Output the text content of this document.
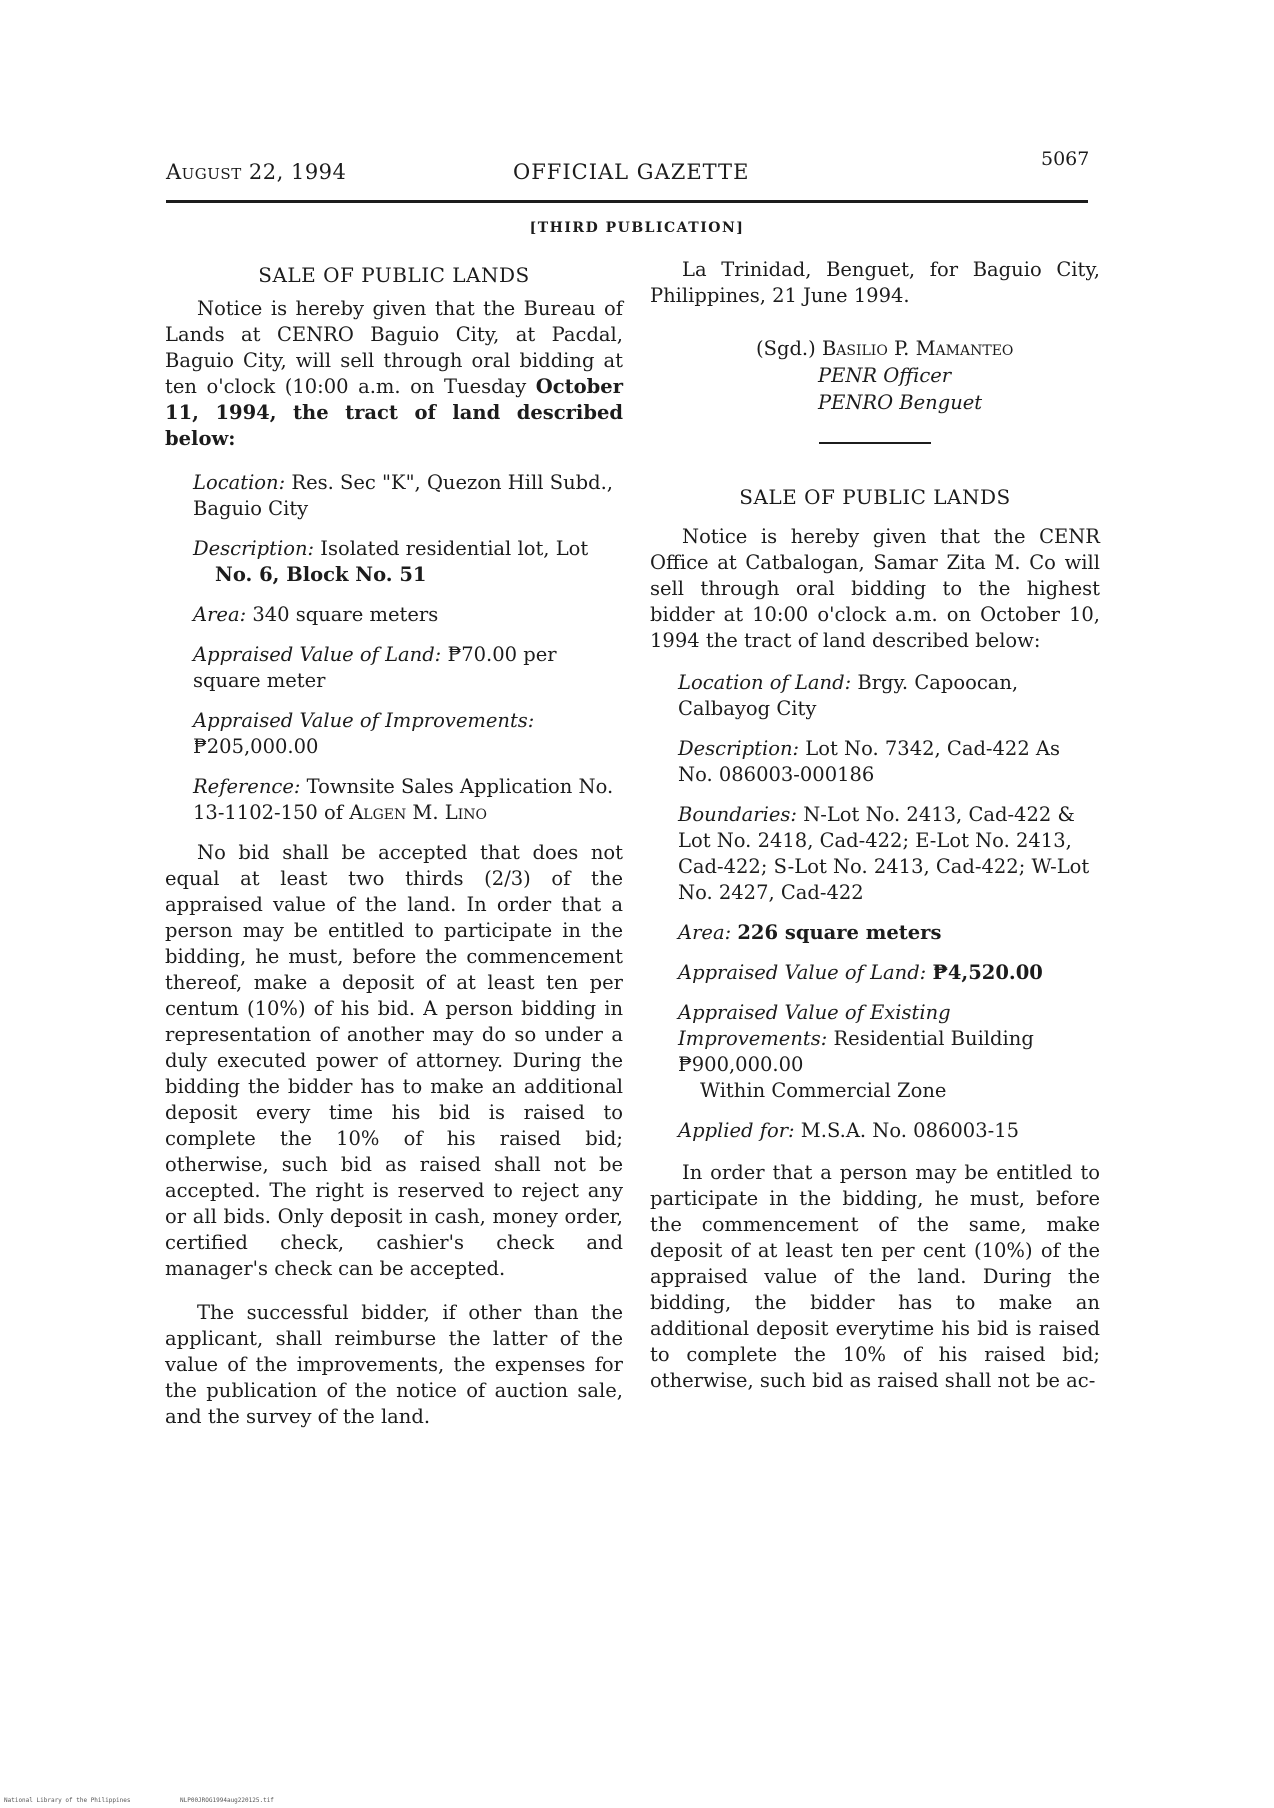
August 22, 1994	OFFICIAL GAZETTE
5067
[THIRD PUBLICATION]
SALE OF PUBLIC LANDS

Notice is hereby given that the Bureau of Lands at CENRO Baguio City, at Pacdal, Baguio City, will sell through oral bidding at ten o'clock (10:00 a.m. on Tuesday October 11, 1994, the tract of land described below:

Location: Res. Sec "K", Quezon Hill Subd., Baguio City
Description: Isolated residential lot, Lot
No. 6, Block No. 51
Area: 340 square meters
Appraised Value of Land: ₱70.00 per square meter
Appraised Value of Improvements:
₱205,000.00
Reference: Townsite Sales Application No. 13-1102-150 of Algen M. Lino

No bid shall be accepted that does not equal at least two thirds (2/3) of the appraised value of the land. In order that a person may be entitled to participate in the bidding, he must, before the commencement thereof, make a deposit of at least ten per centum (10%) of his bid. A person bidding in representation of another may do so under a duly executed power of attorney. During the bidding the bidder has to make an additional deposit every time his bid is raised to complete the 10% of his raised bid; otherwise, such bid as raised shall not be accepted. The right is reserved to reject any or all bids. Only deposit in cash, money order, certified check, cashier's check and manager's check can be accepted.

The successful bidder, if other than the applicant, shall reimburse the latter of the value of the improvements, the expenses for the publication of the notice of auction sale, and the survey of the land.

La Trinidad, Benguet, for Baguio City, Philippines, 21 June 1994.

(Sgd.) Basilio P. Mamanteo
PENR Officer
PENRO Benguet
SALE OF PUBLIC LANDS

Notice is hereby given that the CENR Office at Catbalogan, Samar Zita M. Co will sell through oral bidding to the highest bidder at 10:00 o'clock a.m. on October 10, 1994 the tract of land described below:

Location of Land: Brgy. Capoocan, Calbayog City
Description: Lot No. 7342, Cad-422 As No. 086003-000186
Boundaries: N-Lot No. 2413, Cad-422 & Lot No. 2418, Cad-422; E-Lot No. 2413, Cad-422; S-Lot No. 2413, Cad-422; W-Lot No. 2427, Cad-422
Area: 226 square meters
Appraised Value of Land: ₱4,520.00
Appraised Value of Existing Improvements: Residential Building ₱900,000.00
Within Commercial Zone
Applied for: M.S.A. No. 086003-15

In order that a person may be entitled to participate in the bidding, he must, before the commencement of the same, make deposit of at least ten per cent (10%) of the appraised value of the land. During the bidding, the bidder has to make an additional deposit everytime his bid is raised to complete the 10% of his raised bid; otherwise, such bid as raised shall not be ac-

National Library of the Philippines	NLP00JROG1994aug220125.tif
